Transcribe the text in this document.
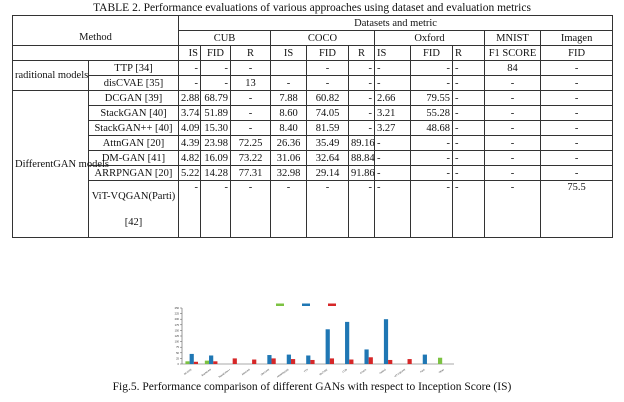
TABLE 2. Performance evaluations of various approaches using dataset and evaluation metrics
		Datasets and metric										
Method		CUB			COCO			Oxford			MNIST	Imagen
		IS	FID	R	IS	FID	R	IS	FID	R	F1 SCORE	FID
raditional models	TTP [34]	-	-	-		-	-	-	-	-	84	-
	disCVAE [35]	-	-	13	-	-	-	-	-	-	-	-
DifferentGAN models	DCGAN [39]	2.88	68.79	-	7.88	60.82	-	2.66	79.55	-	-	-
	StackGAN [40]	3.74	51.89	-	8.60	74.05	-	3.21	55.28	-	-	-
	StackGAN++ [40]	4.09	15.30	-	8.40	81.59	-	3.27	48.68	-	-	-
	AttnGAN [20]	4.39	23.98	72.25	26.36	35.49	89.16	-	-	-	-	-
	DM-GAN [41]	4.82	16.09	73.22	31.06	32.64	88.84	-	-	-	-	-
	ARRPNGAN [20]	5.22	14.28	77.31	32.98	29.14	91.86	-	-	-	-	-
	ViT-VQGAN(Parti)

[42]	-	-	-	-	-	-	-	-	-	-	75.5
0
25
50
75
100
125
150
175
200
225
250
DCGAN	StackGAN	StackGAN++	AttnGAN	DM-GAN	ARRPNGAN	TTP	disCVAE	CUB	COCO	Oxford	ViT-VQGAN	Parti	Other
Fig.5. Performance comparison of different GANs with respect to Inception Score (IS)
